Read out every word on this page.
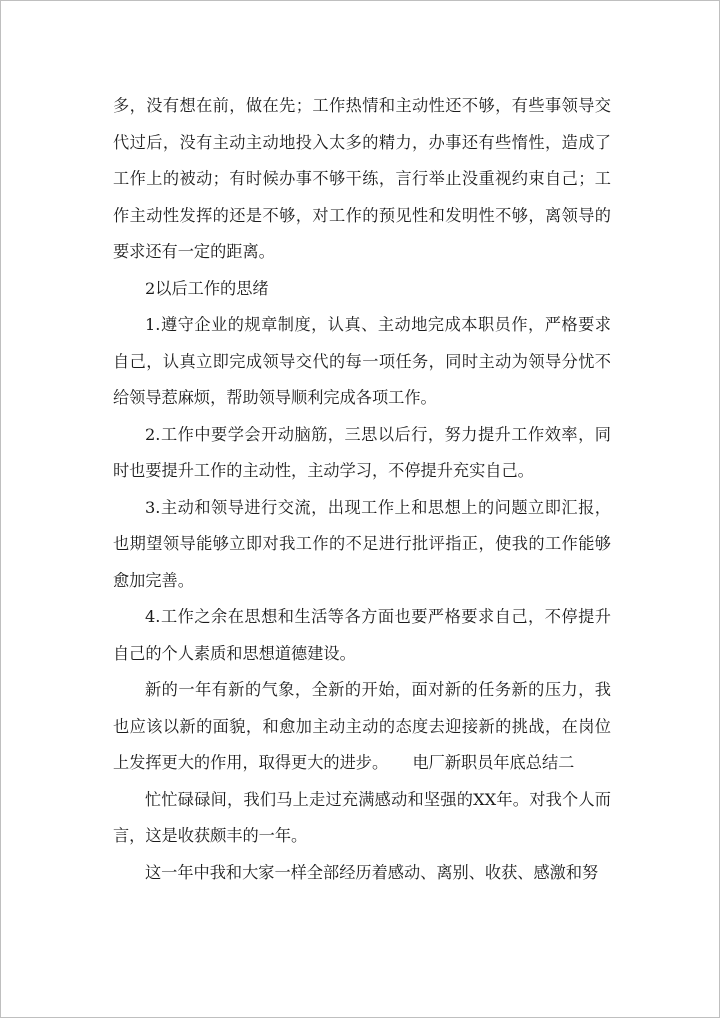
多，没有想在前，做在先；工作热情和主动性还不够，有些事领导交代过后，没有主动主动地投入太多的精力，办事还有些惰性，造成了工作上的被动；有时候办事不够干练，言行举止没重视约束自己；工作主动性发挥的还是不够，对工作的预见性和发明性不够，离领导的要求还有一定的距离。

2以后工作的思绪

1.遵守企业的规章制度，认真、主动地完成本职员作，严格要求自己，认真立即完成领导交代的每一项任务，同时主动为领导分忧不给领导惹麻烦，帮助领导顺利完成各项工作。

2.工作中要学会开动脑筋，三思以后行，努力提升工作效率，同时也要提升工作的主动性，主动学习，不停提升充实自己。

3.主动和领导进行交流，出现工作上和思想上的问题立即汇报，也期望领导能够立即对我工作的不足进行批评指正，使我的工作能够愈加完善。

4.工作之余在思想和生活等各方面也要严格要求自己，不停提升自己的个人素质和思想道德建设。

新的一年有新的气象，全新的开始，面对新的任务新的压力，我也应该以新的面貌，和愈加主动主动的态度去迎接新的挑战，在岗位上发挥更大的作用，取得更大的进步。　　电厂新职员年底总结二

忙忙碌碌间，我们马上走过充满感动和坚强的XX年。对我个人而言，这是收获颇丰的一年。

这一年中我和大家一样全部经历着感动、离别、收获、感激和努
